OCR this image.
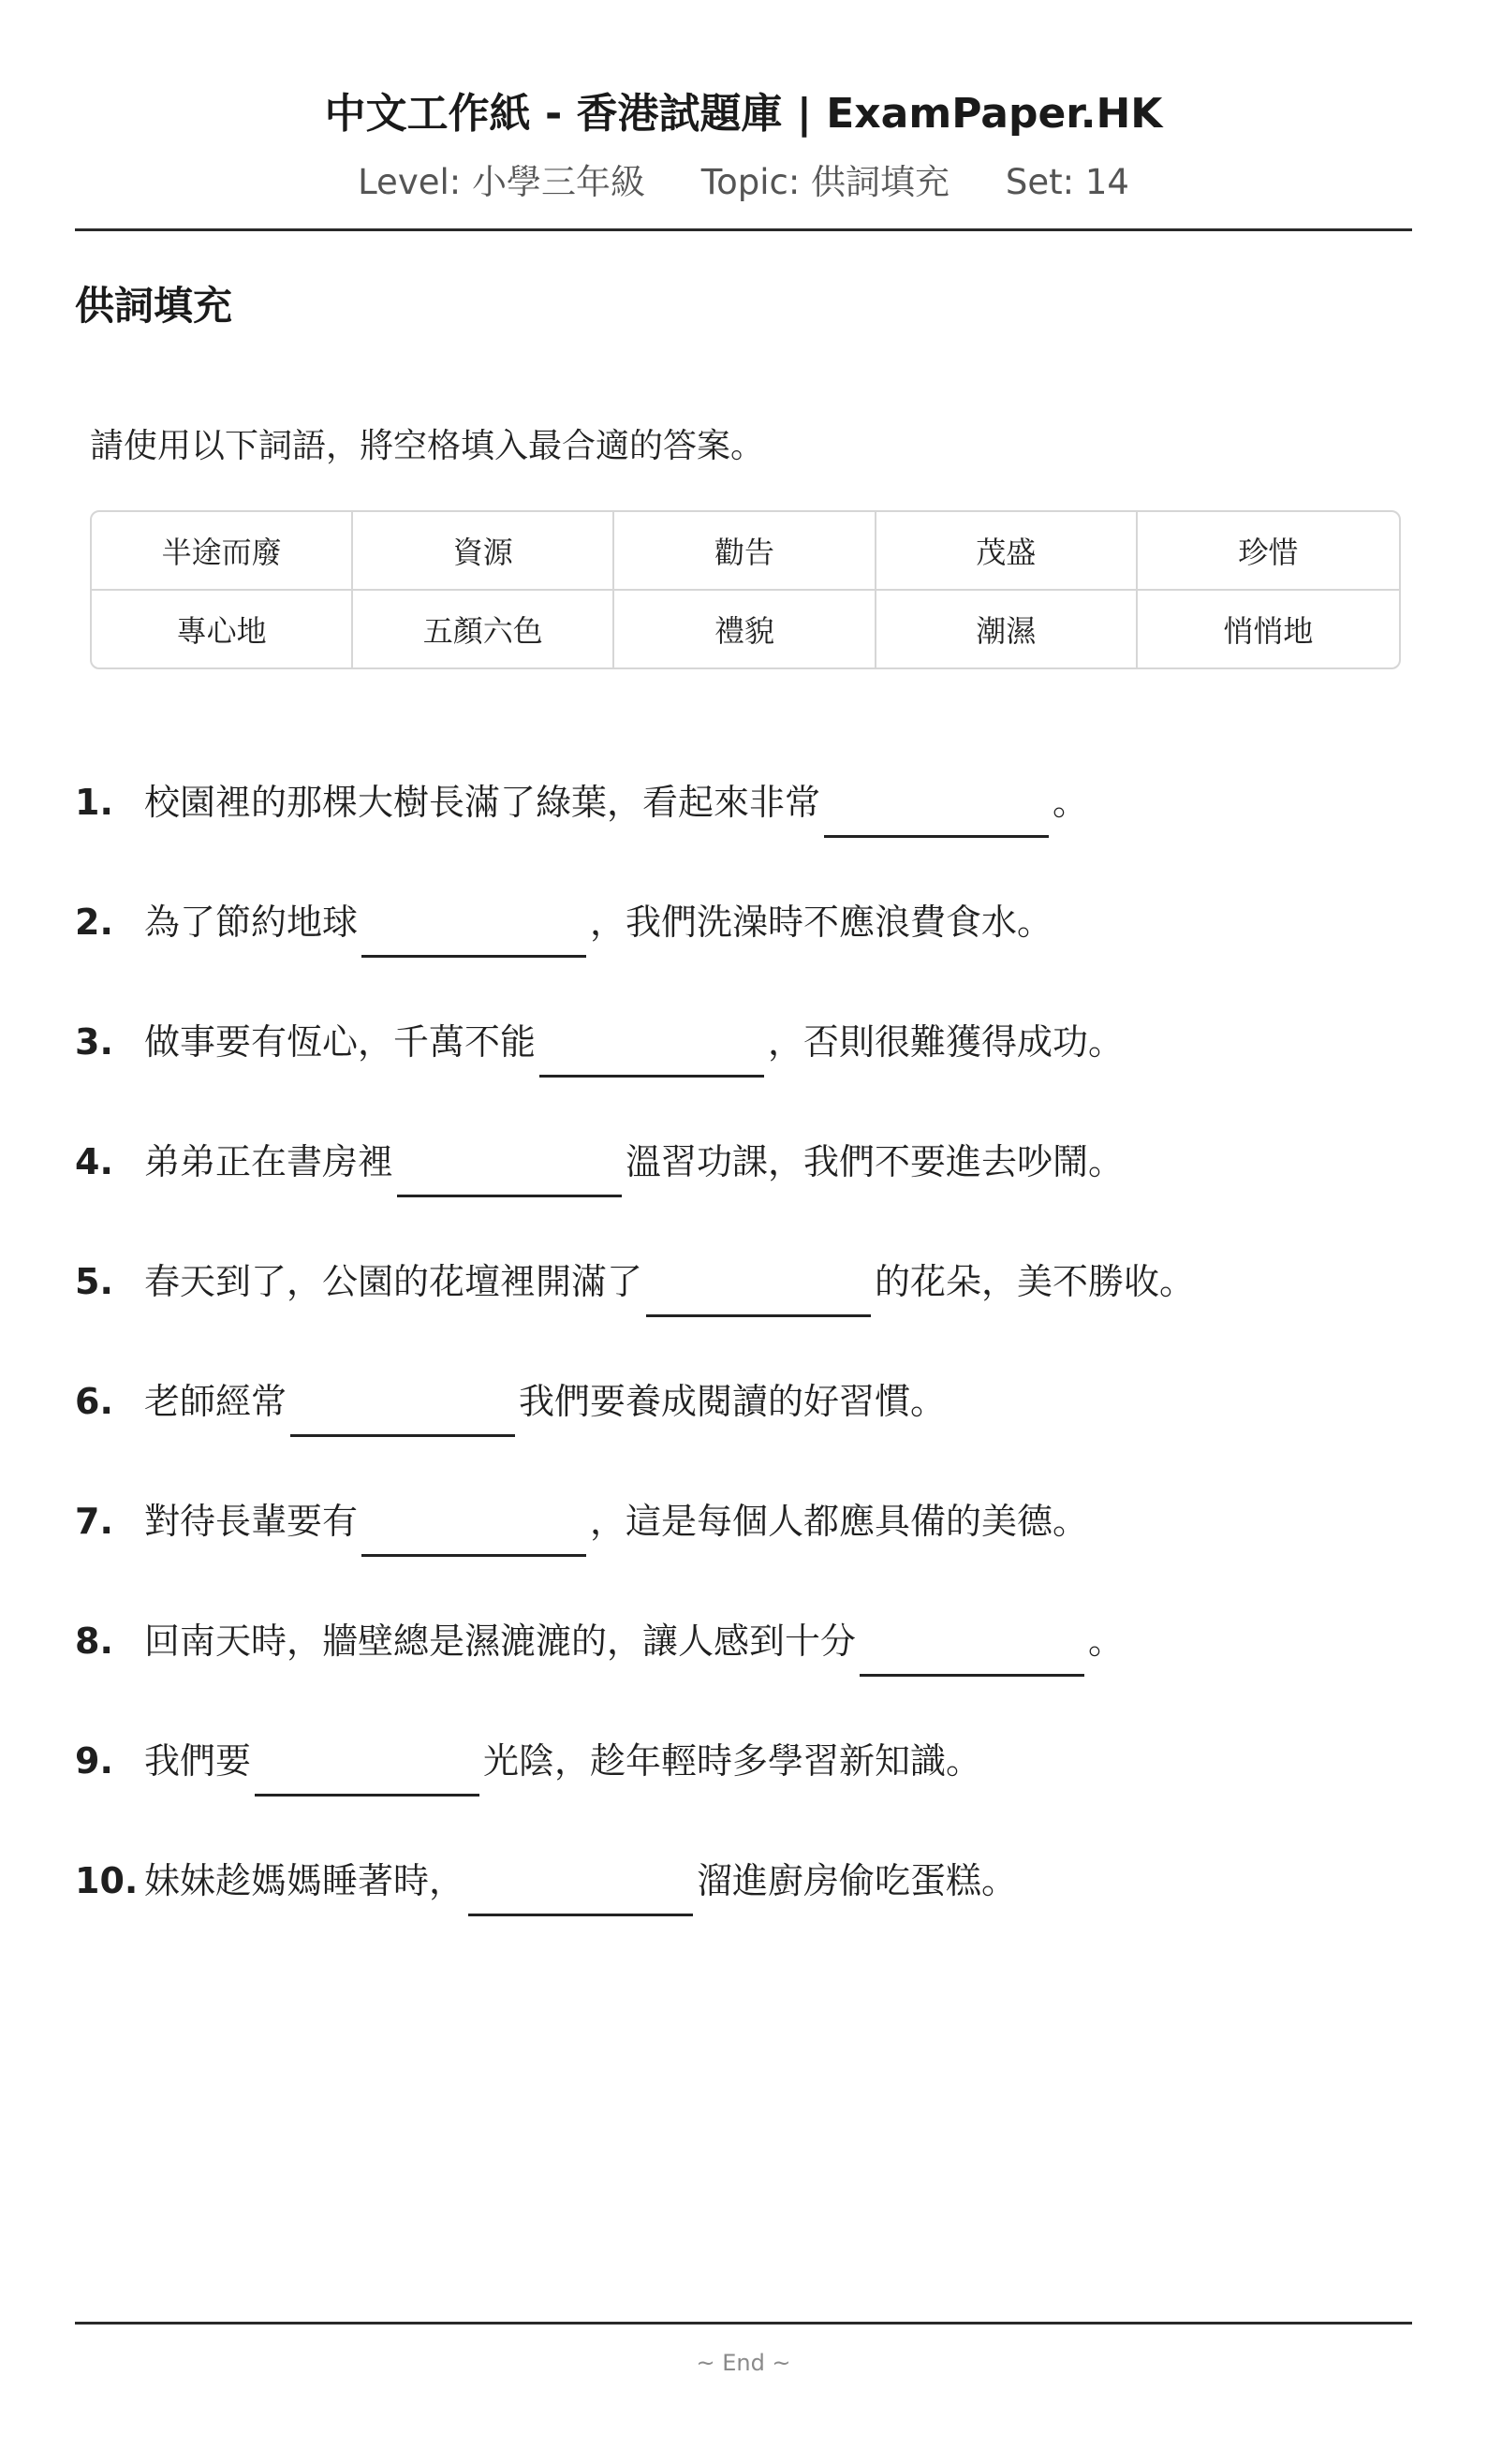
中文工作紙 - 香港試題庫 | ExamPaper.HK
Level: 小學三年級 Topic: 供詞填充 Set: 14
供詞填充
請使用以下詞語，將空格填入最合適的答案。
半途而廢	資源	勸告	茂盛	珍惜
專心地	五顏六色	禮貌	潮濕	悄悄地
1. 校園裡的那棵大樹長滿了綠葉，看起來非常	。
2. 為了節約地球	，我們洗澡時不應浪費食水。
3. 做事要有恆心，千萬不能	，否則很難獲得成功。
4. 弟弟正在書房裡	溫習功課，我們不要進去吵鬧。
5. 春天到了，公園的花壇裡開滿了	的花朵，美不勝收。
6. 老師經常	我們要養成閱讀的好習慣。
7. 對待長輩要有	，這是每個人都應具備的美德。
8. 回南天時，牆壁總是濕漉漉的，讓人感到十分	。
9. 我們要	光陰，趁年輕時多學習新知識。
10. 妹妹趁媽媽睡著時，	溜進廚房偷吃蛋糕。
~ End ~
